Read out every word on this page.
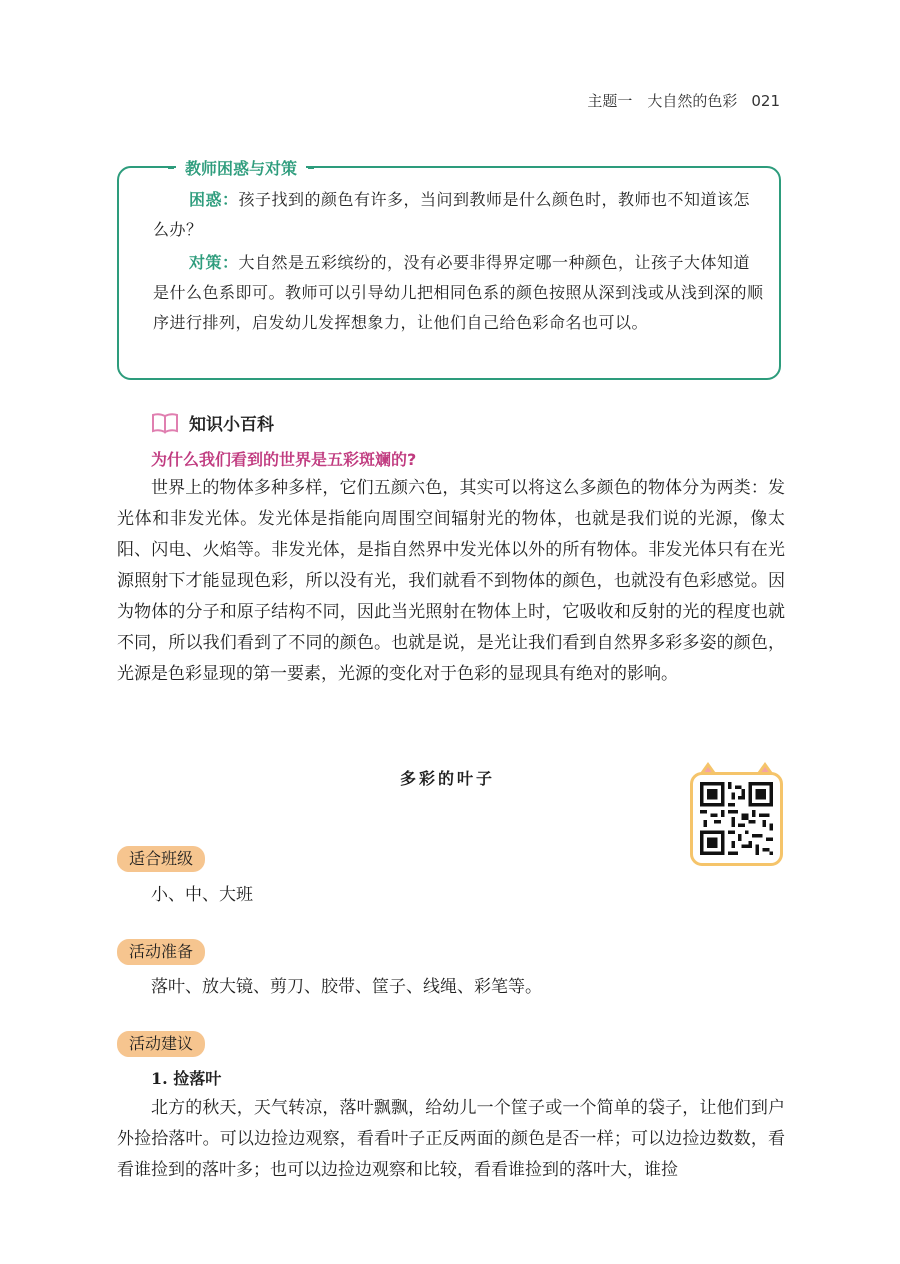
主题一　大自然的色彩 021
教师困惑与对策
困惑：孩子找到的颜色有许多，当问到教师是什么颜色时，教师也不知道该怎么办？
对策：大自然是五彩缤纷的，没有必要非得界定哪一种颜色，让孩子大体知道是什么色系即可。教师可以引导幼儿把相同色系的颜色按照从深到浅或从浅到深的顺序进行排列，启发幼儿发挥想象力，让他们自己给色彩命名也可以。
知识小百科
为什么我们看到的世界是五彩斑斓的?
世界上的物体多种多样，它们五颜六色，其实可以将这么多颜色的物体分为两类：发光体和非发光体。发光体是指能向周围空间辐射光的物体，也就是我们说的光源，像太阳、闪电、火焰等。非发光体，是指自然界中发光体以外的所有物体。非发光体只有在光源照射下才能显现色彩，所以没有光，我们就看不到物体的颜色，也就没有色彩感觉。因为物体的分子和原子结构不同，因此当光照射在物体上时，它吸收和反射的光的程度也就不同，所以我们看到了不同的颜色。也就是说，是光让我们看到自然界多彩多姿的颜色，光源是色彩显现的第一要素，光源的变化对于色彩的显现具有绝对的影响。
多彩的叶子
适合班级
小、中、大班
活动准备
落叶、放大镜、剪刀、胶带、筐子、线绳、彩笔等。
活动建议
1. 捡落叶
北方的秋天，天气转凉，落叶飘飘，给幼儿一个筐子或一个简单的袋子，让他们到户外捡拾落叶。可以边捡边观察，看看叶子正反两面的颜色是否一样；可以边捡边数数，看看谁捡到的落叶多；也可以边捡边观察和比较，看看谁捡到的落叶大，谁捡
